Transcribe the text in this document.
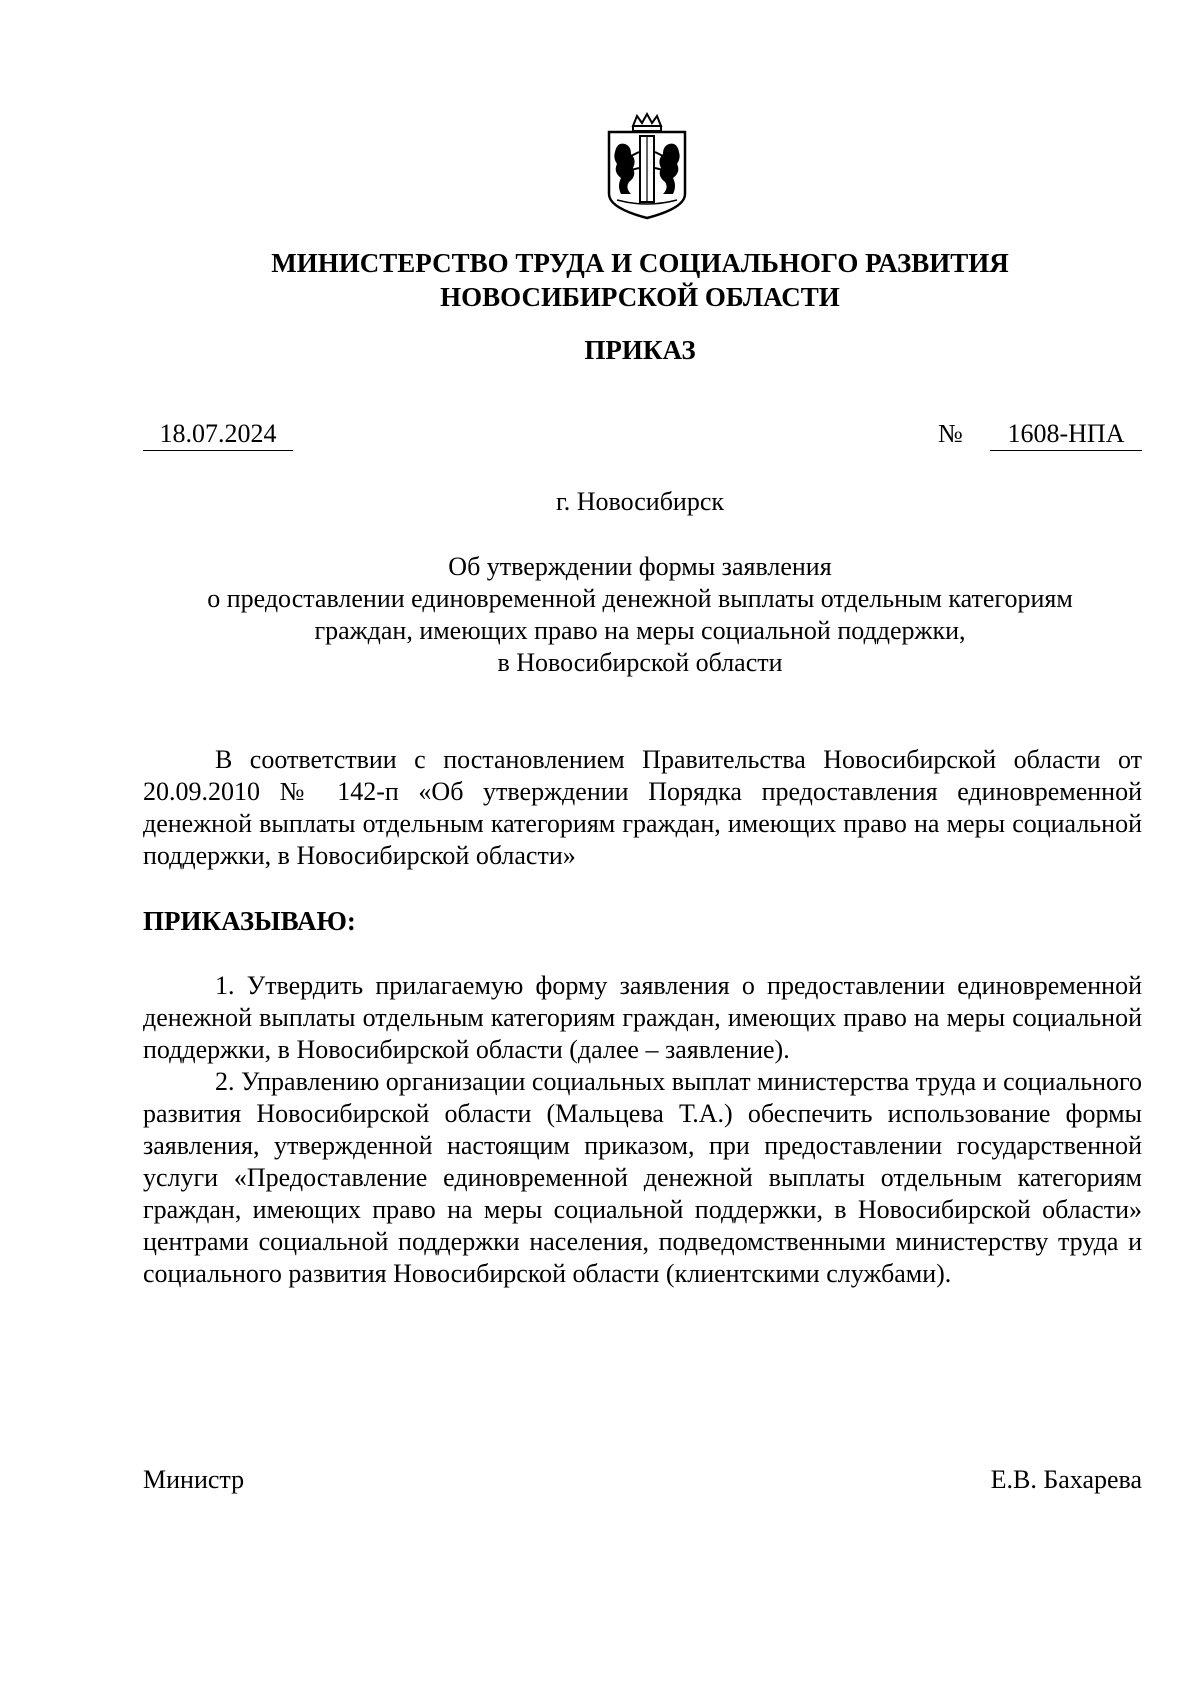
МИНИСТЕРСТВО ТРУДА И СОЦИАЛЬНОГО РАЗВИТИЯ
НОВОСИБИРСКОЙ ОБЛАСТИ
ПРИКАЗ
18.07.2024	№	1608-НПА
г. Новосибирск
Об утверждении формы заявления
о предоставлении единовременной денежной выплаты отдельным категориям
граждан, имеющих право на меры социальной поддержки,
в Новосибирской области

В соответствии с постановлением Правительства Новосибирской области от 20.09.2010 № 142-п «Об утверждении Порядка предоставления единовременной денежной выплаты отдельным категориям граждан, имеющих право на меры социальной поддержки, в Новосибирской области»

ПРИКАЗЫВАЮ:

1. Утвердить прилагаемую форму заявления о предоставлении единовременной денежной выплаты отдельным категориям граждан, имеющих право на меры социальной поддержки, в Новосибирской области (далее – заявление).

2. Управлению организации социальных выплат министерства труда и социального развития Новосибирской области (Мальцева Т.А.) обеспечить использование формы заявления, утвержденной настоящим приказом, при предоставлении государственной услуги «Предоставление единовременной денежной выплаты отдельным категориям граждан, имеющих право на меры социальной поддержки, в Новосибирской области» центрами социальной поддержки населения, подведомственными министерству труда и социального развития Новосибирской области (клиентскими службами).

Министр	Е.В. Бахарева
